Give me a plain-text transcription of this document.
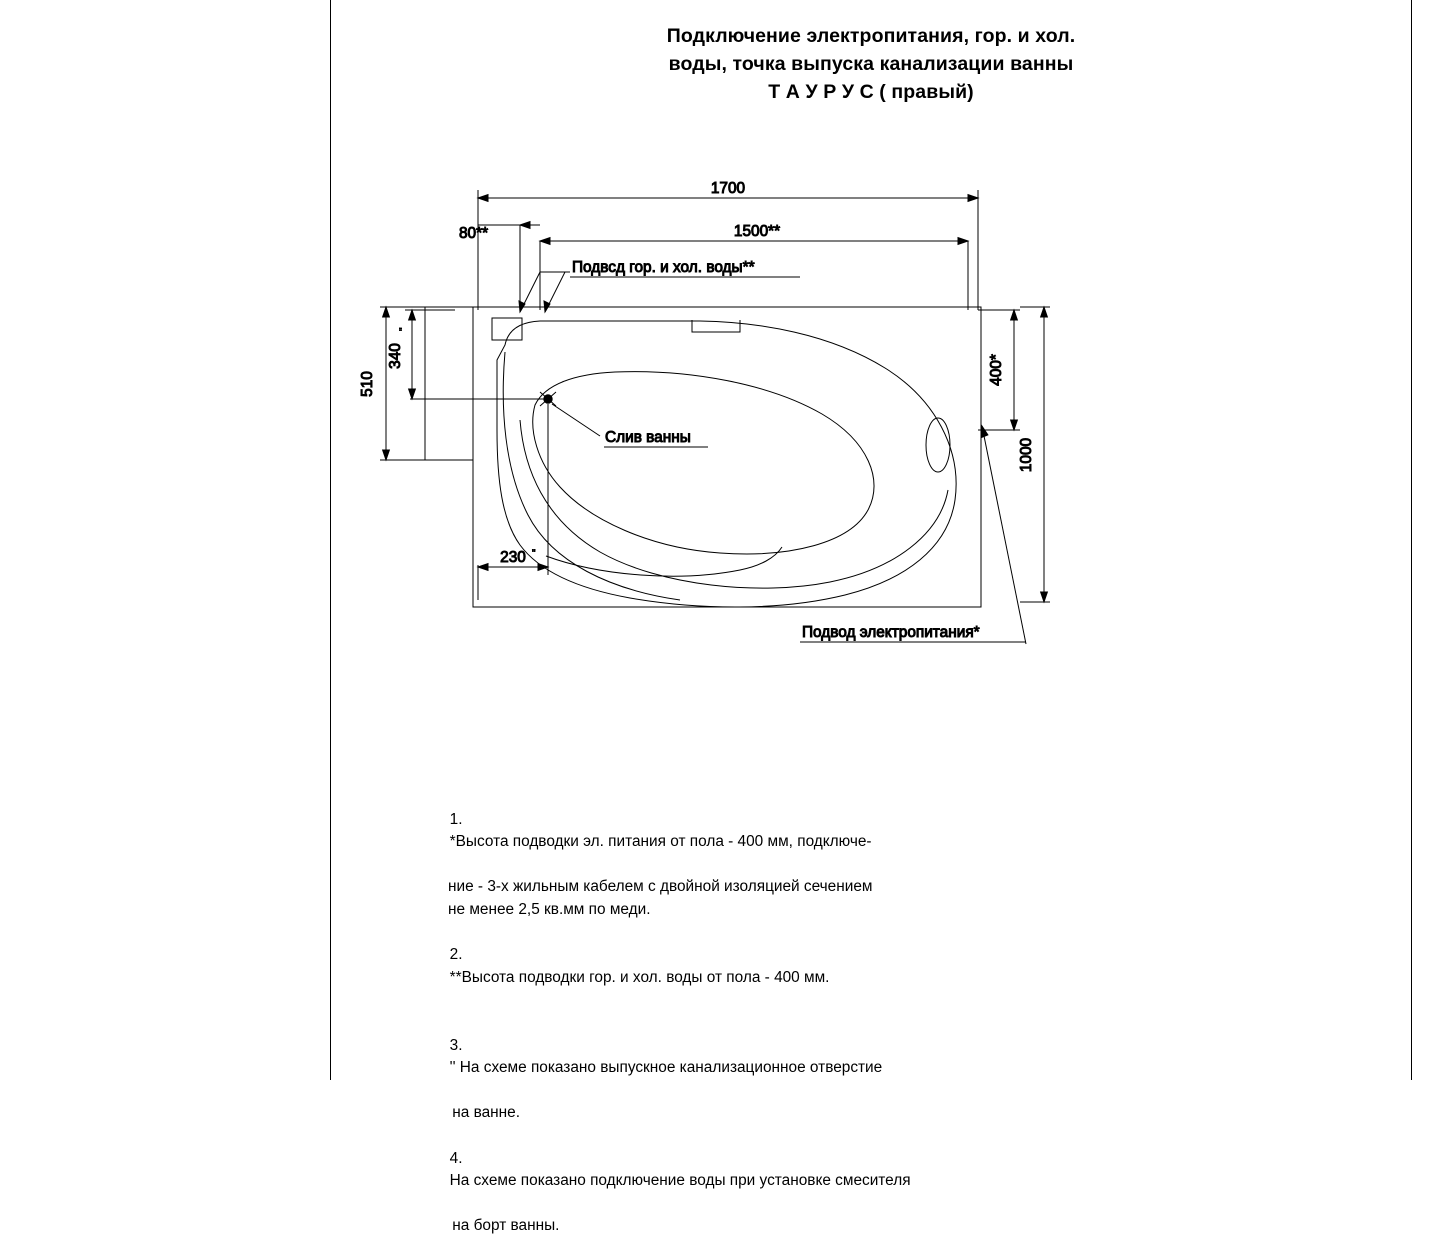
Подключение электропитания, гор. и хол.
воды, точка выпуска канализации ванны
Т А У Р У С ( правый)
1700
80**	1500**
Подвсд гор. и хол. воды**
510
340
''
Слив ванны
230 ''
400*
1000
Подвод электропитания*

1.
*Высота подводки эл. питания от пола - 400 мм, подключе-

ние - 3-х жильным кабелем с двойной изоляцией сечением
не менее 2,5 кв.мм по меди.

2.
**Высота подводки гор. и хол. воды от пола - 400 мм.

3.
'' На схеме показано выпускное канализационное отверстие

на ванне.

4.
На схеме показано подключение воды при установке смесителя

на борт ванны.
